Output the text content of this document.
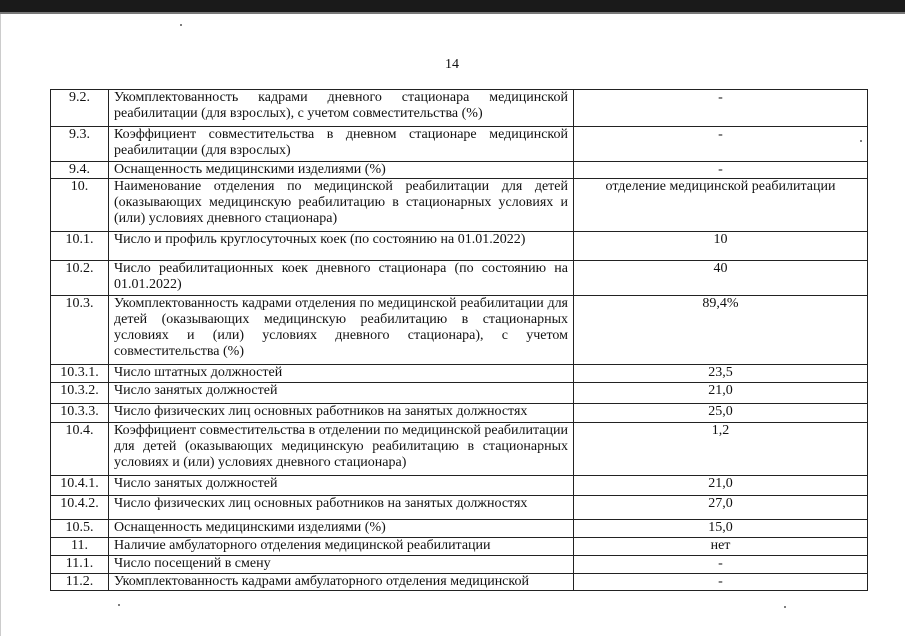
14
9.2.	Укомплектованность кадрами дневного стационара медицинской реабилитации (для взрослых), с учетом совместительства (%)	-
9.3.	Коэффициент совместительства в дневном стационаре медицинской реабилитации (для взрослых)	-
9.4.	Оснащенность медицинскими изделиями (%)	-
10.	Наименование отделения по медицинской реабилитации для детей (оказывающих медицинскую реабилитацию в стационарных условиях и (или) условиях дневного стационара)	отделение медицинской реабилитации
10.1.	Число и профиль круглосуточных коек (по состоянию на 01.01.2022)	10
10.2.	Число реабилитационных коек дневного стационара (по состоянию на 01.01.2022)	40
10.3.	Укомплектованность кадрами отделения по медицинской реабилитации для детей (оказывающих медицинскую реабилитацию в стационарных условиях и (или) условиях дневного стационара), с учетом совместительства (%)	89,4%
10.3.1.	Число штатных должностей	23,5
10.3.2.	Число занятых должностей	21,0
10.3.3.	Число физических лиц основных работников на занятых должностях	25,0
10.4.	Коэффициент совместительства в отделении по медицинской реабилитации для детей (оказывающих медицинскую реабилитацию в стационарных условиях и (или) условиях дневного стационара)	1,2
10.4.1.	Число занятых должностей	21,0
10.4.2.	Число физических лиц основных работников на занятых должностях	27,0
10.5.	Оснащенность медицинскими изделиями (%)	15,0
11.	Наличие амбулаторного отделения медицинской реабилитации	нет
11.1.	Число посещений в смену	-
11.2.	Укомплектованность кадрами амбулаторного отделения медицинской	-
